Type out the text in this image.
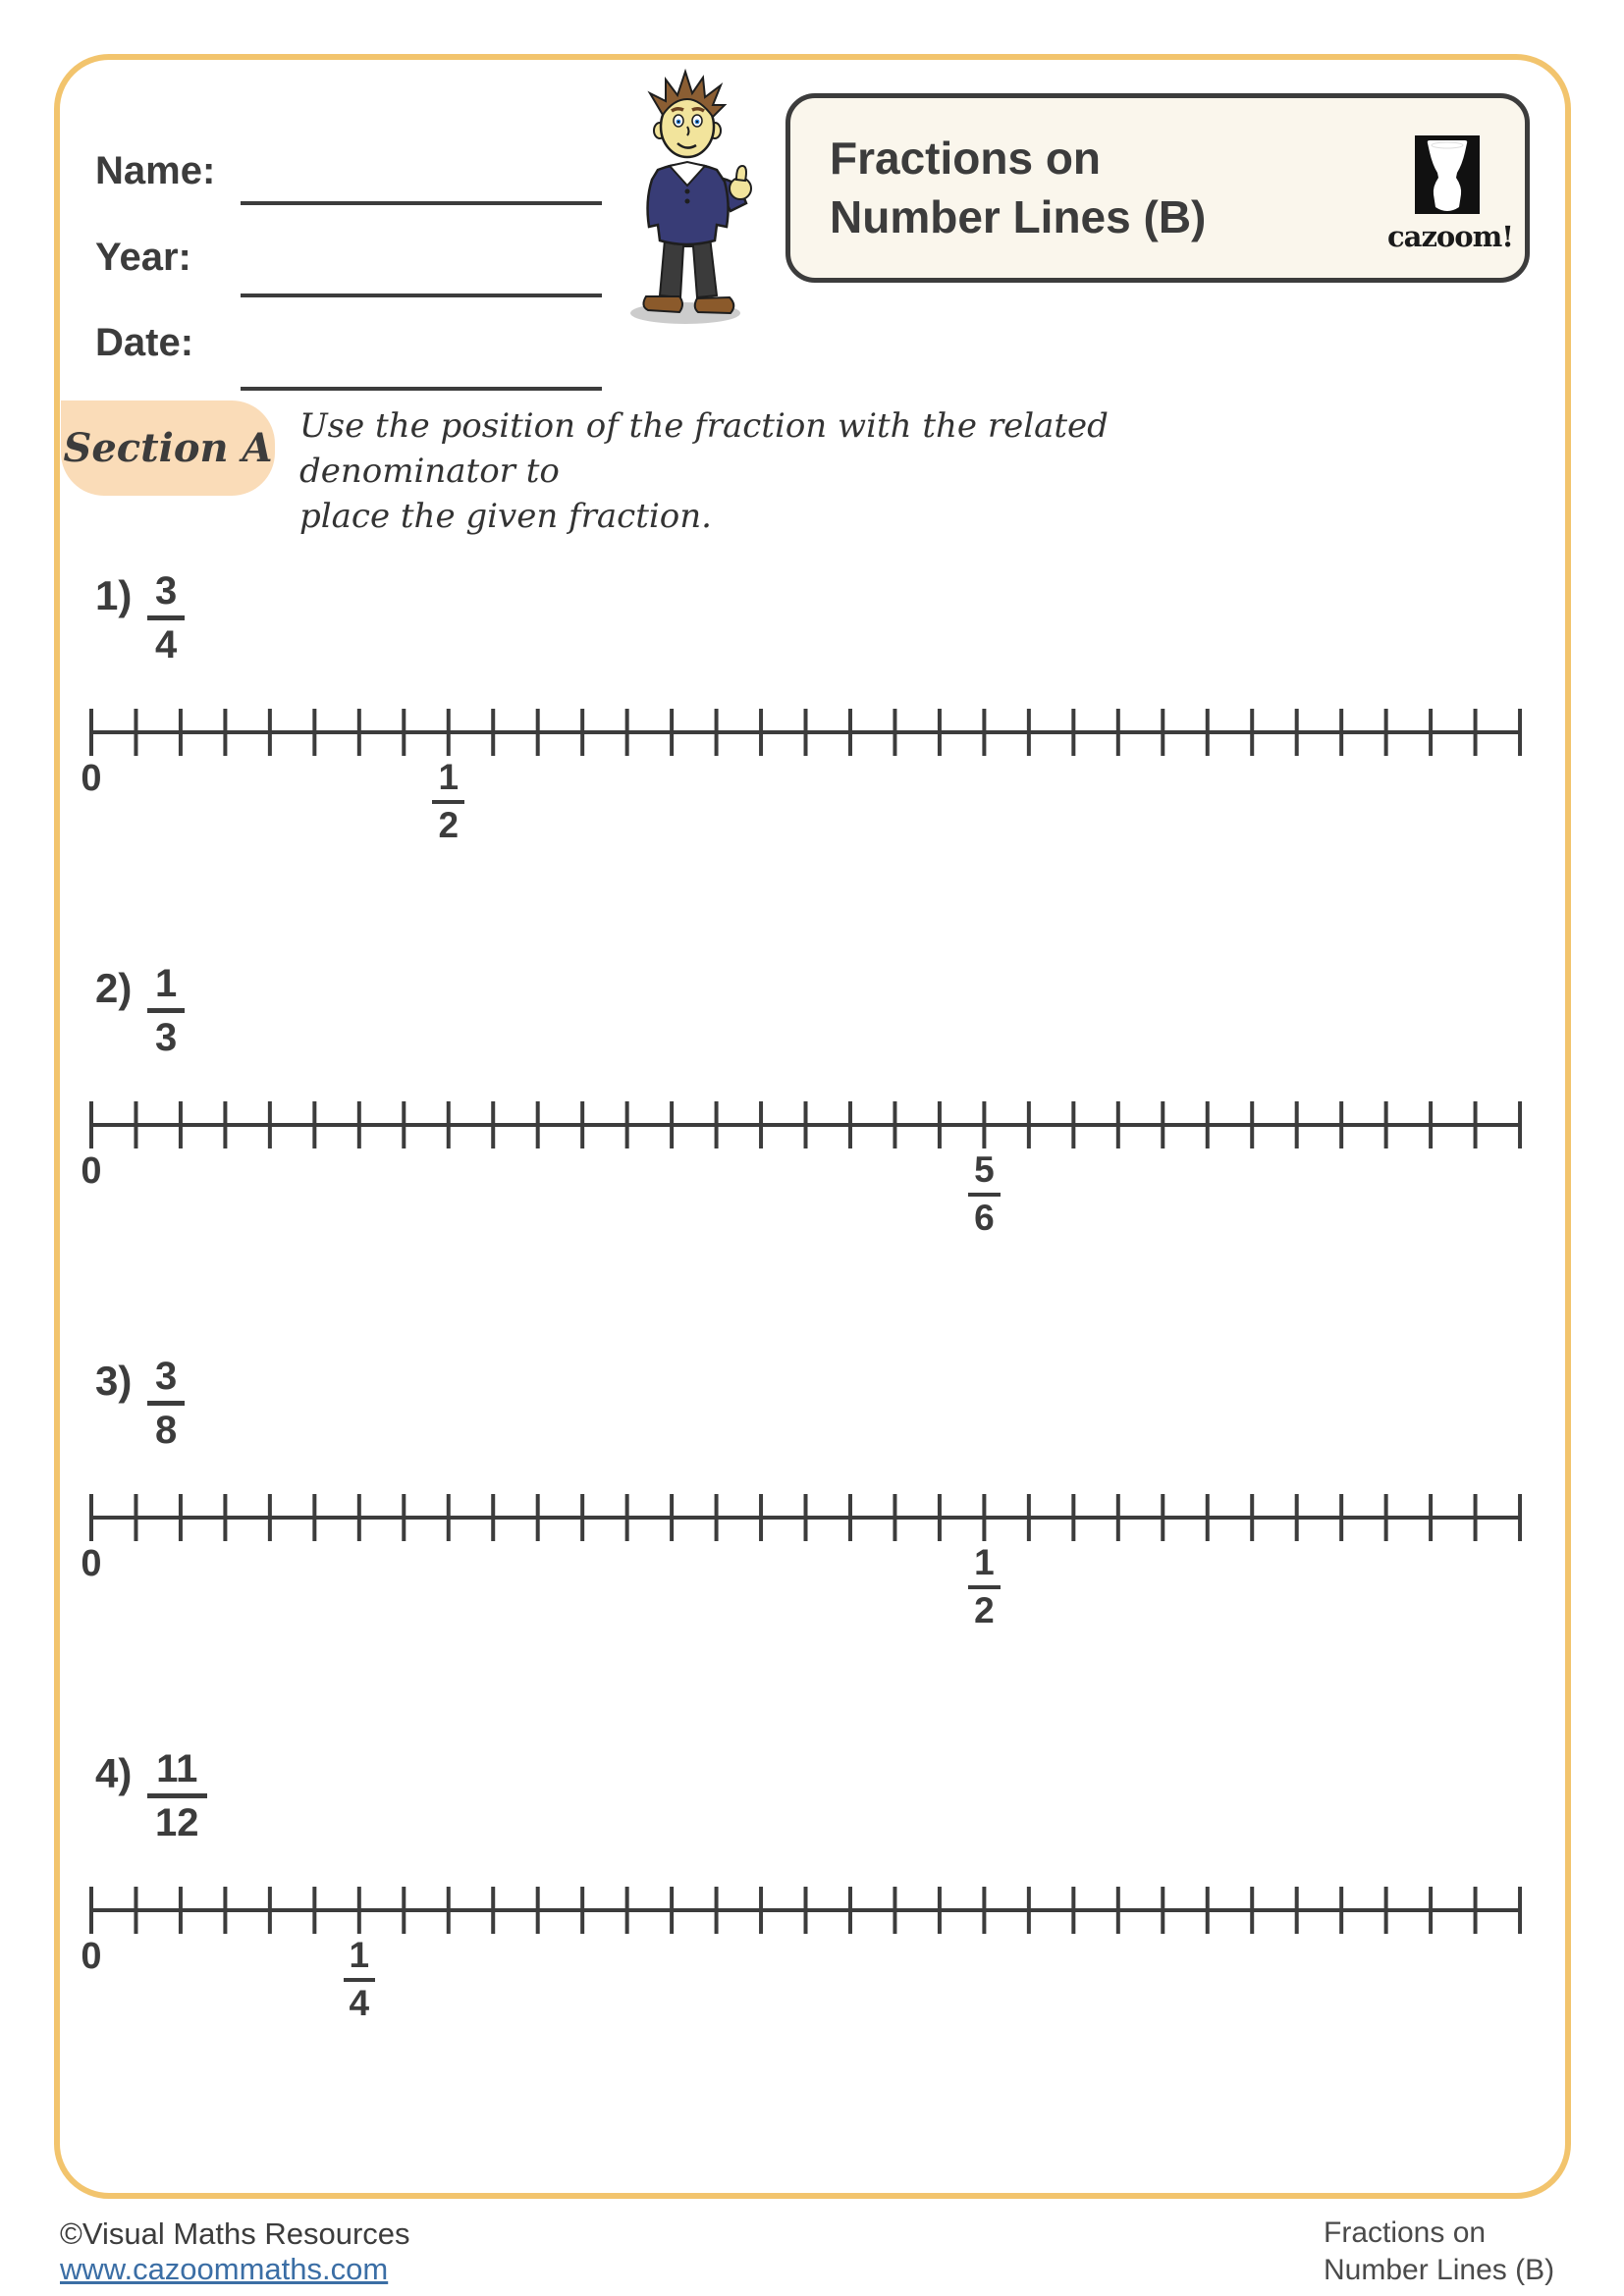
Name:
Year:
Date:
Fractions on
Number Lines (B)	cazoom!
Section A Use the position of the fraction with the related denominator to
place the given fraction.
$1) \frac{3}{4}$
0	$\frac{1}{2}$
$2) \frac{1}{3}$
0	$\frac{5}{6}$
$3) \frac{3}{8}$
0	$\frac{1}{2}$
$4) \frac{11}{12}$
0	$\frac{1}{4}$
©Visual Maths Resources
www.cazoommaths.com
Fractions on
Number Lines (B)
